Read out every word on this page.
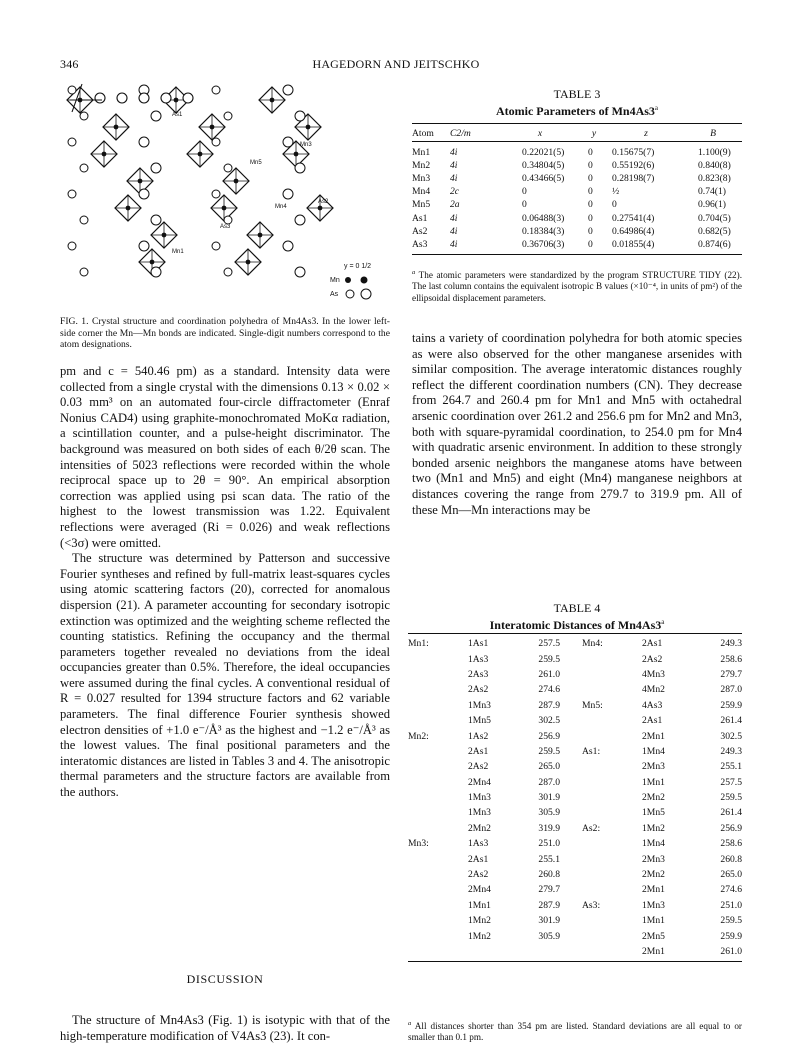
346	HAGEDORN AND JEITSCHKO
As1
Mn5
Mn3
Mn4
As2
As3
Mn1
y = 0 1/2
Mn
As
FIG. 1. Crystal structure and coordination polyhedra of Mn4As3. In the lower left-side corner the Mn—Mn bonds are indicated. Single-digit numbers correspond to the atom designations.
TABLE 3
Atomic Parameters of Mn4As3$^a$
Atom	C2/m	x	y	z	B

Mn1	4i	0.22021(5)	0	0.15675(7)	1.100(9)
Mn2	4i	0.34804(5)	0	0.55192(6)	0.840(8)
Mn3	4i	0.43466(5)	0	0.28198(7)	0.823(8)
Mn4	2c	0	0	½	0.74(1)
Mn5	2a	0	0	0	0.96(1)
As1	4i	0.06488(3)	0	0.27541(4)	0.704(5)
As2	4i	0.18384(3)	0	0.64986(4)	0.682(5)
As3	4i	0.36706(3)	0	0.01855(4)	0.874(6)
$^a$ The atomic parameters were standardized by the program STRUCTURE TIDY (22). The last column contains the equivalent isotropic B values (×10⁻⁴, in units of pm²) of the ellipsoidal displacement parameters.

pm and c = 540.46 pm) as a standard. Intensity data were collected from a single crystal with the dimensions 0.13 × 0.02 × 0.03 mm³ on an automated four-circle diffractometer (Enraf Nonius CAD4) using graphite-monochromated MoKα radiation, a scintillation counter, and a pulse-height discriminator. The background was measured on both sides of each θ/2θ scan. The intensities of 5023 reflections were recorded within the whole reciprocal space up to 2θ = 90°. An empirical absorption correction was applied using psi scan data. The ratio of the highest to the lowest transmission was 1.22. Equivalent reflections were averaged (Ri = 0.026) and weak reflections (<3σ) were omitted.

The structure was determined by Patterson and successive Fourier syntheses and refined by full-matrix least-squares cycles using atomic scattering factors (20), corrected for anomalous dispersion (21). A parameter accounting for secondary isotropic extinction was optimized and the weighting scheme reflected the counting statistics. Refining the occupancy and the thermal parameters together revealed no deviations from the ideal occupancies greater than 0.5%. Therefore, the ideal occupancies were assumed during the final cycles. A conventional residual of R = 0.027 resulted for 1394 structure factors and 62 variable parameters. The final difference Fourier synthesis showed electron densities of +1.0 e⁻/Å³ as the highest and −1.2 e⁻/Å³ as the lowest values. The final positional parameters and the interatomic distances are listed in Tables 3 and 4. The anisotropic thermal parameters and the structure factors are available from the authors.

DISCUSSION

The structure of Mn4As3 (Fig. 1) is isotypic with that of the high-temperature modification of V4As3 (23). It con-

tains a variety of coordination polyhedra for both atomic species as were also observed for the other manganese arsenides with similar composition. The average interatomic distances roughly reflect the different coordination numbers (CN). They decrease from 264.7 and 260.4 pm for Mn1 and Mn5 with octahedral arsenic coordination over 261.2 and 256.6 pm for Mn2 and Mn3, both with square-pyramidal coordination, to 254.0 pm for Mn4 with quadratic arsenic environment. In addition to these strongly bonded arsenic neighbors the manganese atoms have between two (Mn1 and Mn5) and eight (Mn4) manganese neighbors at distances covering the range from 279.7 to 319.9 pm. All of these Mn—Mn interactions may be

TABLE 4
Interatomic Distances of Mn4As3$^a$
Mn1:	1As1	257.5	Mn4:	2As1	249.3
	1As3	259.5		2As2	258.6
	2As3	261.0		4Mn3	279.7
	2As2	274.6		4Mn2	287.0
	1Mn3	287.9	Mn5:	4As3	259.9
	1Mn5	302.5		2As1	261.4
Mn2:	1As2	256.9		2Mn1	302.5
	2As1	259.5	As1:	1Mn4	249.3
	2As2	265.0		2Mn3	255.1
	2Mn4	287.0		1Mn1	257.5
	1Mn3	301.9		2Mn2	259.5
	1Mn3	305.9		1Mn5	261.4
	2Mn2	319.9	As2:	1Mn2	256.9
Mn3:	1As3	251.0		1Mn4	258.6
	2As1	255.1		2Mn3	260.8
	2As2	260.8		2Mn2	265.0
	2Mn4	279.7		2Mn1	274.6
	1Mn1	287.9	As3:	1Mn3	251.0
	1Mn2	301.9		1Mn1	259.5
	1Mn2	305.9		2Mn5	259.9
				2Mn1	261.0
$^a$ All distances shorter than 354 pm are listed. Standard deviations are all equal to or smaller than 0.1 pm.
